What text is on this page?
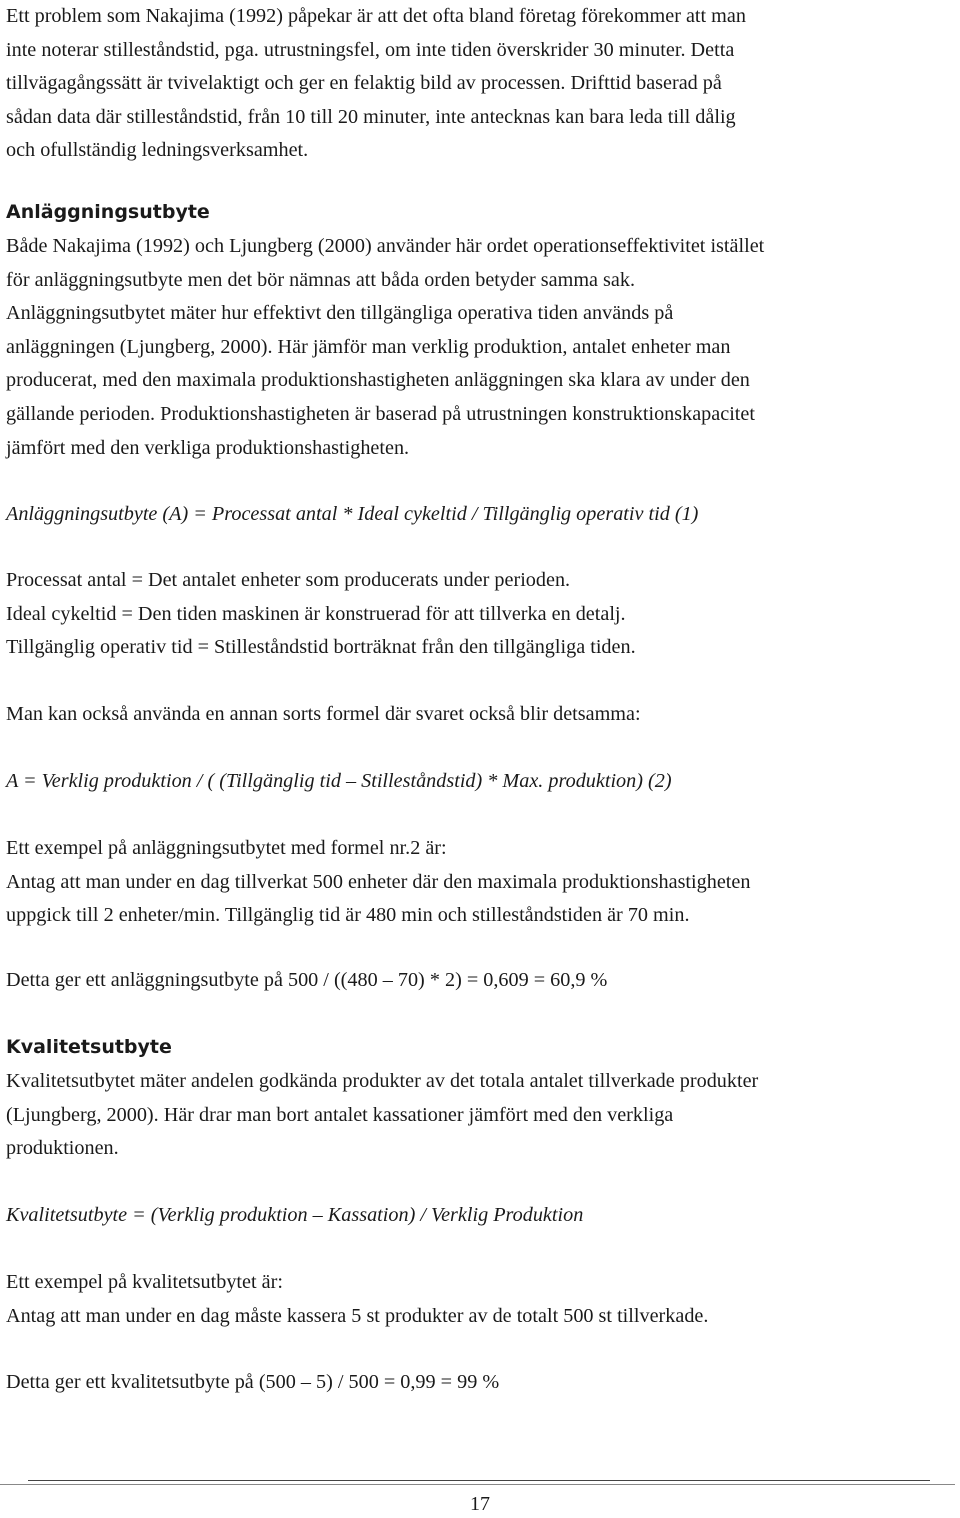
Ett problem som Nakajima (1992) påpekar är att det ofta bland företag förekommer att man
inte noterar stilleståndstid, pga. utrustningsfel, om inte tiden överskrider 30 minuter. Detta
tillvägagångssätt är tvivelaktigt och ger en felaktig bild av processen. Drifttid baserad på
sådan data där stilleståndstid, från 10 till 20 minuter, inte antecknas kan bara leda till dålig
och ofullständig ledningsverksamhet.

Anläggningsutbyte

Både Nakajima (1992) och Ljungberg (2000) använder här ordet operationseffektivitet istället
för anläggningsutbyte men det bör nämnas att båda orden betyder samma sak.
Anläggningsutbytet mäter hur effektivt den tillgängliga operativa tiden används på
anläggningen (Ljungberg, 2000). Här jämför man verklig produktion, antalet enheter man
producerat, med den maximala produktionshastigheten anläggningen ska klara av under den
gällande perioden. Produktionshastigheten är baserad på utrustningen konstruktionskapacitet
jämfört med den verkliga produktionshastigheten.

Anläggningsutbyte (A) = Processat antal * Ideal cykeltid / Tillgänglig operativ tid (1)

Processat antal = Det antalet enheter som producerats under perioden.
Ideal cykeltid = Den tiden maskinen är konstruerad för att tillverka en detalj.
Tillgänglig operativ tid = Stilleståndstid borträknat från den tillgängliga tiden.

Man kan också använda en annan sorts formel där svaret också blir detsamma:

A = Verklig produktion / ( (Tillgänglig tid – Stilleståndstid) * Max. produktion) (2)

Ett exempel på anläggningsutbytet med formel nr.2 är:
Antag att man under en dag tillverkat 500 enheter där den maximala produktionshastigheten
uppgick till 2 enheter/min. Tillgänglig tid är 480 min och stilleståndstiden är 70 min.

Detta ger ett anläggningsutbyte på 500 / ((480 – 70) * 2) = 0,609 = 60,9 %

Kvalitetsutbyte

Kvalitetsutbytet mäter andelen godkända produkter av det totala antalet tillverkade produkter
(Ljungberg, 2000). Här drar man bort antalet kassationer jämfört med den verkliga
produktionen.

Kvalitetsutbyte = (Verklig produktion – Kassation) / Verklig Produktion

Ett exempel på kvalitetsutbytet är:
Antag att man under en dag måste kassera 5 st produkter av de totalt 500 st tillverkade.

Detta ger ett kvalitetsutbyte på (500 – 5) / 500 = 0,99 = 99 %

17
